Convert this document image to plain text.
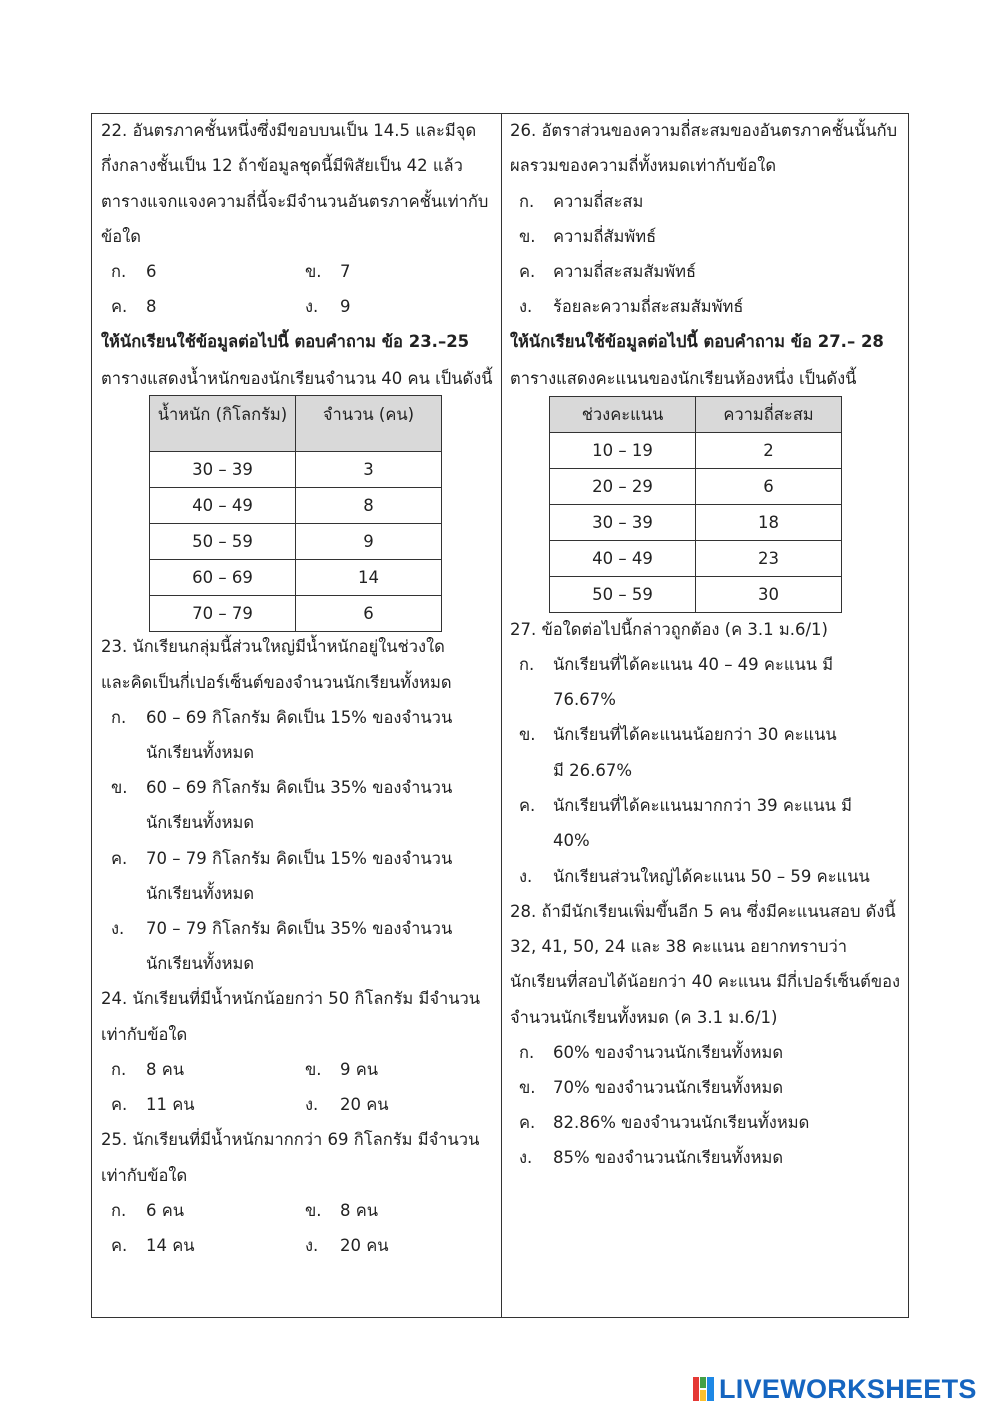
22. อันตรภาคชั้นหนึ่งซึ่งมีขอบบนเป็น 14.5 และมีจุด
กึ่งกลางชั้นเป็น 12 ถ้าข้อมูลชุดนี้มีพิสัยเป็น 42 แล้ว
ตารางแจกแจงความถี่นี้จะมีจำนวนอันตรภาคชั้นเท่ากับ
ข้อใด
ก. 6	ข. 7
ค. 8	ง. 9
ให้นักเรียนใช้ข้อมูลต่อไปนี้ ตอบคำถาม ข้อ 23.–25
ตารางแสดงน้ำหนักของนักเรียนจำนวน 40 คน เป็นดังนี้
น้ำหนัก (กิโลกรัม)	จำนวน (คน)
30 – 39	3
40 – 49	8
50 – 59	9
60 – 69	14
70 – 79	6
23. นักเรียนกลุ่มนี้ส่วนใหญ่มีน้ำหนักอยู่ในช่วงใด
และคิดเป็นกี่เปอร์เซ็นต์ของจำนวนนักเรียนทั้งหมด
ก. 60 – 69 กิโลกรัม คิดเป็น 15% ของจำนวน
นักเรียนทั้งหมด
ข. 60 – 69 กิโลกรัม คิดเป็น 35% ของจำนวน
นักเรียนทั้งหมด
ค. 70 – 79 กิโลกรัม คิดเป็น 15% ของจำนวน
นักเรียนทั้งหมด
ง. 70 – 79 กิโลกรัม คิดเป็น 35% ของจำนวน
นักเรียนทั้งหมด
24. นักเรียนที่มีน้ำหนักน้อยกว่า 50 กิโลกรัม มีจำนวน
เท่ากับข้อใด
ก. 8 คน	ข. 9 คน
ค. 11 คน	ง. 20 คน
25. นักเรียนที่มีน้ำหนักมากกว่า 69 กิโลกรัม มีจำนวน
เท่ากับข้อใด
ก. 6 คน	ข. 8 คน
ค. 14 คน	ง. 20 คน
26. อัตราส่วนของความถี่สะสมของอันตรภาคชั้นนั้นกับ
ผลรวมของความถี่ทั้งหมดเท่ากับข้อใด
ก. ความถี่สะสม
ข. ความถี่สัมพัทธ์
ค. ความถี่สะสมสัมพัทธ์
ง. ร้อยละความถี่สะสมสัมพัทธ์
ให้นักเรียนใช้ข้อมูลต่อไปนี้ ตอบคำถาม ข้อ 27.– 28
ตารางแสดงคะแนนของนักเรียนห้องหนึ่ง เป็นดังนี้
ช่วงคะแนน	ความถี่สะสม
10 – 19	2
20 – 29	6
30 – 39	18
40 – 49	23
50 – 59	30
27. ข้อใดต่อไปนี้กล่าวถูกต้อง (ค 3.1 ม.6/1)
ก. นักเรียนที่ได้คะแนน 40 – 49 คะแนน มี
76.67%
ข. นักเรียนที่ได้คะแนนน้อยกว่า 30 คะแนน
มี 26.67%
ค. นักเรียนที่ได้คะแนนมากกว่า 39 คะแนน มี
40%
ง. นักเรียนส่วนใหญ่ได้คะแนน 50 – 59 คะแนน
28. ถ้ามีนักเรียนเพิ่มขึ้นอีก 5 คน ซึ่งมีคะแนนสอบ ดังนี้
32, 41, 50, 24 และ 38 คะแนน อยากทราบว่า
นักเรียนที่สอบได้น้อยกว่า 40 คะแนน มีกี่เปอร์เซ็นต์ของ
จำนวนนักเรียนทั้งหมด (ค 3.1 ม.6/1)
ก. 60% ของจำนวนนักเรียนทั้งหมด
ข. 70% ของจำนวนนักเรียนทั้งหมด
ค. 82.86% ของจำนวนนักเรียนทั้งหมด
ง. 85% ของจำนวนนักเรียนทั้งหมด
LIVEWORKSHEETS
